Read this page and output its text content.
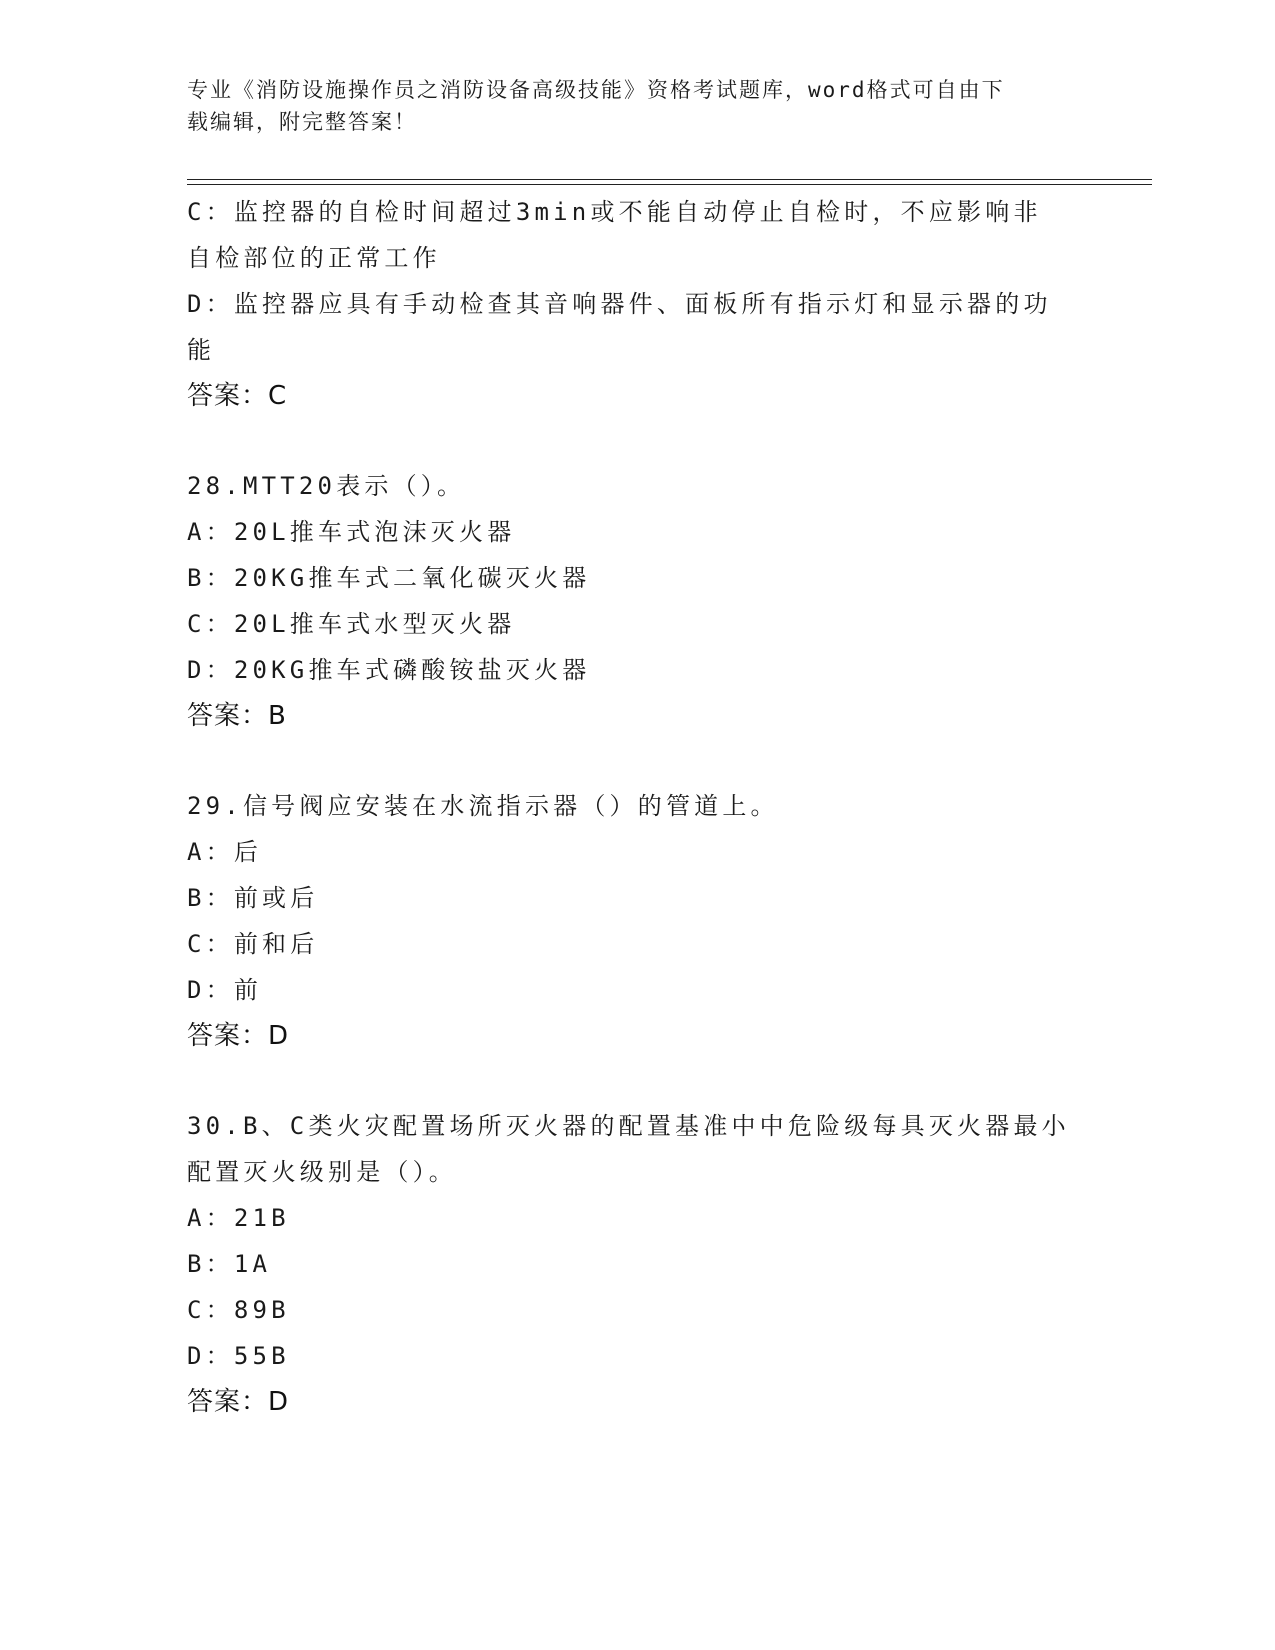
专业《消防设施操作员之消防设备高级技能》资格考试题库，word格式可自由下
载编辑，附完整答案！
C：监控器的自检时间超过3min或不能自动停止自检时，不应影响非
自检部位的正常工作
D：监控器应具有手动检查其音响器件、面板所有指示灯和显示器的功
能
答案：C
28.MTT20表示（）。
A：20L推车式泡沫灭火器
B：20KG推车式二氧化碳灭火器
C：20L推车式水型灭火器
D：20KG推车式磷酸铵盐灭火器
答案：B
29.信号阀应安装在水流指示器（）的管道上。
A：后
B：前或后
C：前和后
D：前
答案：D
30.B、C类火灾配置场所灭火器的配置基准中中危险级每具灭火器最小
配置灭火级别是（）。
A：21B
B：1A
C：89B
D：55B
答案：D
